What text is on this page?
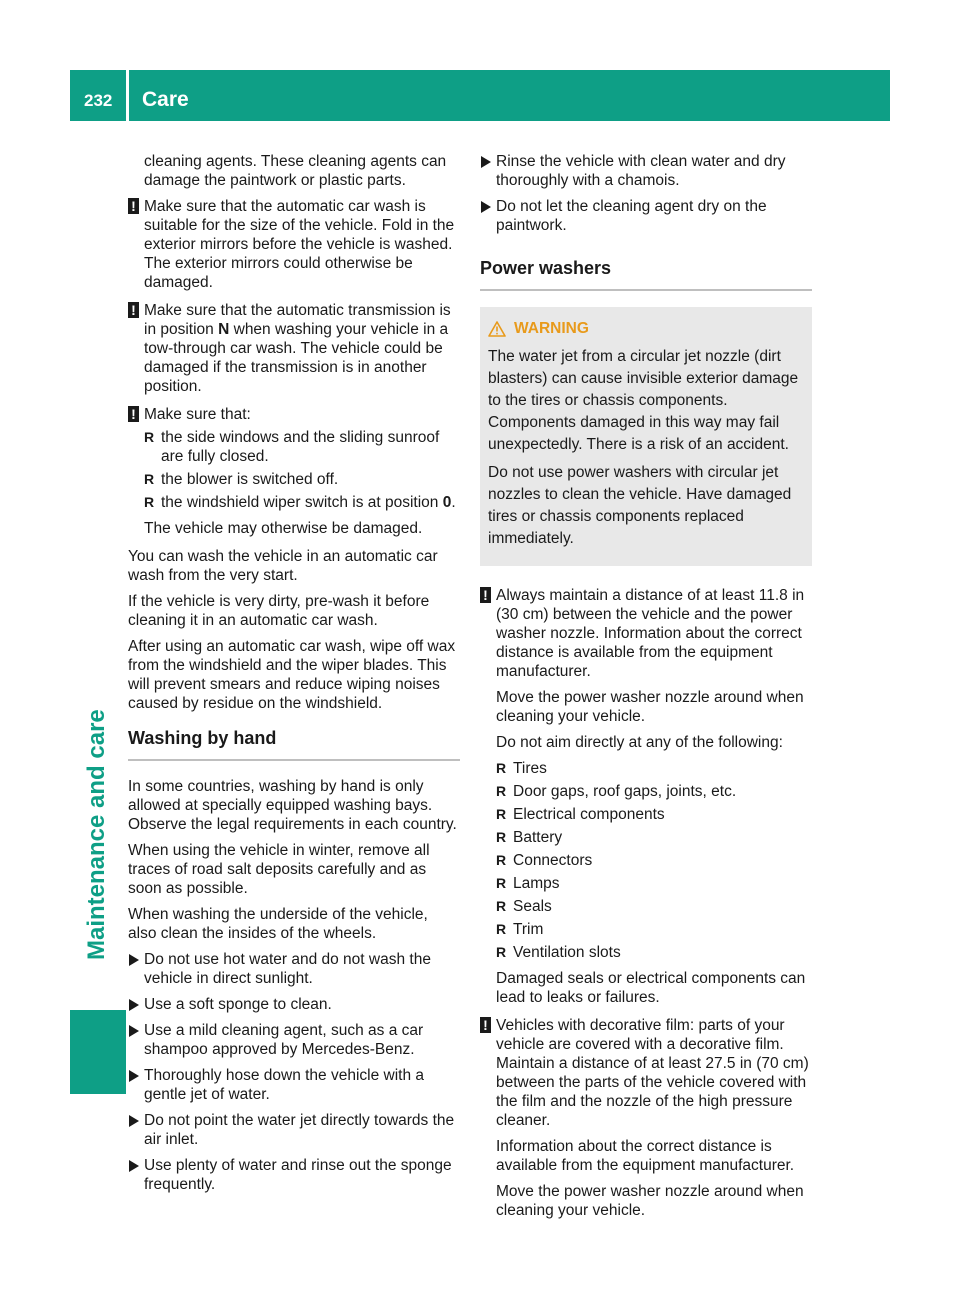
232 Care
Maintenance and care

cleaning agents. These cleaning agents can damage the paintwork or plastic parts.

! Make sure that the automatic car wash is suitable for the size of the vehicle. Fold in the exterior mirrors before the vehicle is washed. The exterior mirrors could otherwise be damaged.
! Make sure that the automatic transmission is in position N when washing your vehicle in a tow-through car wash. The vehicle could be damaged if the transmission is in another position.
! Make sure that:
R the side windows and the sliding sunroof are fully closed.
R the blower is switched off.
R the windshield wiper switch is at position 0.
The vehicle may otherwise be damaged.

You can wash the vehicle in an automatic car wash from the very start.

If the vehicle is very dirty, pre-wash it before cleaning it in an automatic car wash.

After using an automatic car wash, wipe off wax from the windshield and the wiper blades. This will prevent smears and reduce wiping noises caused by residue on the windshield.

Washing by hand

In some countries, washing by hand is only allowed at specially equipped washing bays. Observe the legal requirements in each country.

When using the vehicle in winter, remove all traces of road salt deposits carefully and as soon as possible.

When washing the underside of the vehicle, also clean the insides of the wheels.

Do not use hot water and do not wash the vehicle in direct sunlight.
Use a soft sponge to clean.
Use a mild cleaning agent, such as a car shampoo approved by Mercedes-Benz.
Thoroughly hose down the vehicle with a gentle jet of water.
Do not point the water jet directly towards the air inlet.
Use plenty of water and rinse out the sponge frequently.
Rinse the vehicle with clean water and dry thoroughly with a chamois.
Do not let the cleaning agent dry on the paintwork.
Power washers
WARNING

The water jet from a circular jet nozzle (dirt blasters) can cause invisible exterior damage to the tires or chassis components. Components damaged in this way may fail unexpectedly. There is a risk of an accident.

Do not use power washers with circular jet nozzles to clean the vehicle. Have damaged tires or chassis components replaced immediately.

! Always maintain a distance of at least 11.8 in (30 cm) between the vehicle and the power washer nozzle. Information about the correct distance is available from the equipment manufacturer.

Move the power washer nozzle around when cleaning your vehicle.

Do not aim directly at any of the following:

R Tires
R Door gaps, roof gaps, joints, etc.
R Electrical components
R Battery
R Connectors
R Lamps
R Seals
R Trim
R Ventilation slots

Damaged seals or electrical components can lead to leaks or failures.

! Vehicles with decorative film: parts of your vehicle are covered with a decorative film. Maintain a distance of at least 27.5 in (70 cm) between the parts of the vehicle covered with the film and the nozzle of the high pressure cleaner.

Information about the correct distance is available from the equipment manufacturer.

Move the power washer nozzle around when cleaning your vehicle.
